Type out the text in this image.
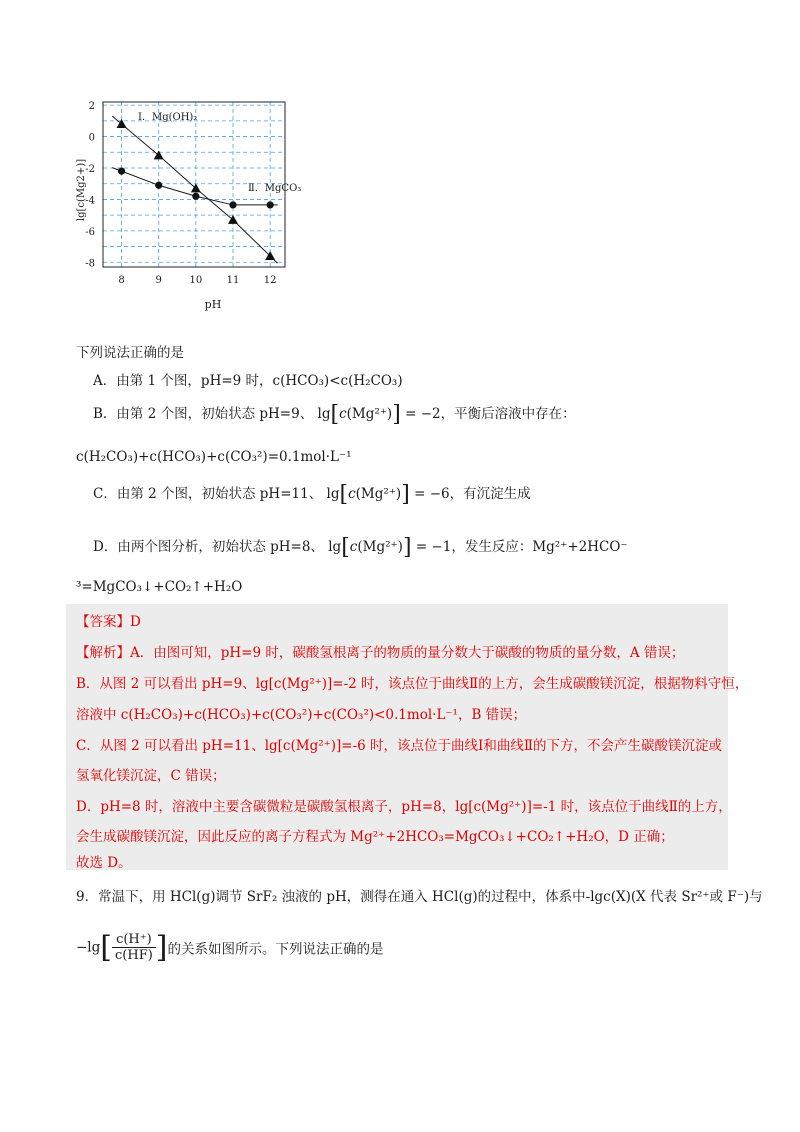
2
0
-2
-4
-6
-8
8	9	10 11 12
Ⅰ．Mg(OH)₂
Ⅱ．MgCO₃
lg[c(Mg2+)]
pH
下列说法正确的是
A．由第 1 个图，pH=9 时，c(HCO₃)<c(H₂CO₃)
B．由第 2 个图，初始状态 pH=9、 lg[c(Mg²⁺)] = −2，平衡后溶液中存在：
c(H₂CO₃)+c(HCO₃)+c(CO₃²)=0.1mol·L⁻¹
C．由第 2 个图，初始状态 pH=11、 lg[c(Mg²⁺)] = −6，有沉淀生成
D．由两个图分析，初始状态 pH=8、 lg[c(Mg²⁺)] = −1，发生反应：Mg²⁺+2HCO⁻
³=MgCO₃↓+CO₂↑+H₂O
【答案】D
【解析】A．由图可知，pH=9 时，碳酸氢根离子的物质的量分数大于碳酸的物质的量分数，A 错误；
B．从图 2 可以看出 pH=9、lg[c(Mg²⁺)]=-2 时，该点位于曲线Ⅱ的上方，会生成碳酸镁沉淀，根据物料守恒，
溶液中 c(H₂CO₃)+c(HCO₃)+c(CO₃²)+c(CO₃²)<0.1mol·L⁻¹，B 错误；
C．从图 2 可以看出 pH=11、lg[c(Mg²⁺)]=-6 时，该点位于曲线Ⅰ和曲线Ⅱ的下方，不会产生碳酸镁沉淀或
氢氧化镁沉淀，C 错误；
D．pH=8 时，溶液中主要含碳微粒是碳酸氢根离子，pH=8，lg[c(Mg²⁺)]=-1 时，该点位于曲线Ⅱ的上方，
会生成碳酸镁沉淀，因此反应的离子方程式为 Mg²⁺+2HCO₃=MgCO₃↓+CO₂↑+H₂O，D 正确；
故选 D。
9．常温下，用 HCl(g)调节 SrF₂ 浊液的 pH，测得在通入 HCl(g)的过程中，体系中-lgc(X)(X 代表 Sr²⁺或 F⁻)与
$-\lg[ \frac{c(H^+)}{c(HF)}$ ]的关系如图所示。下列说法正确的是
